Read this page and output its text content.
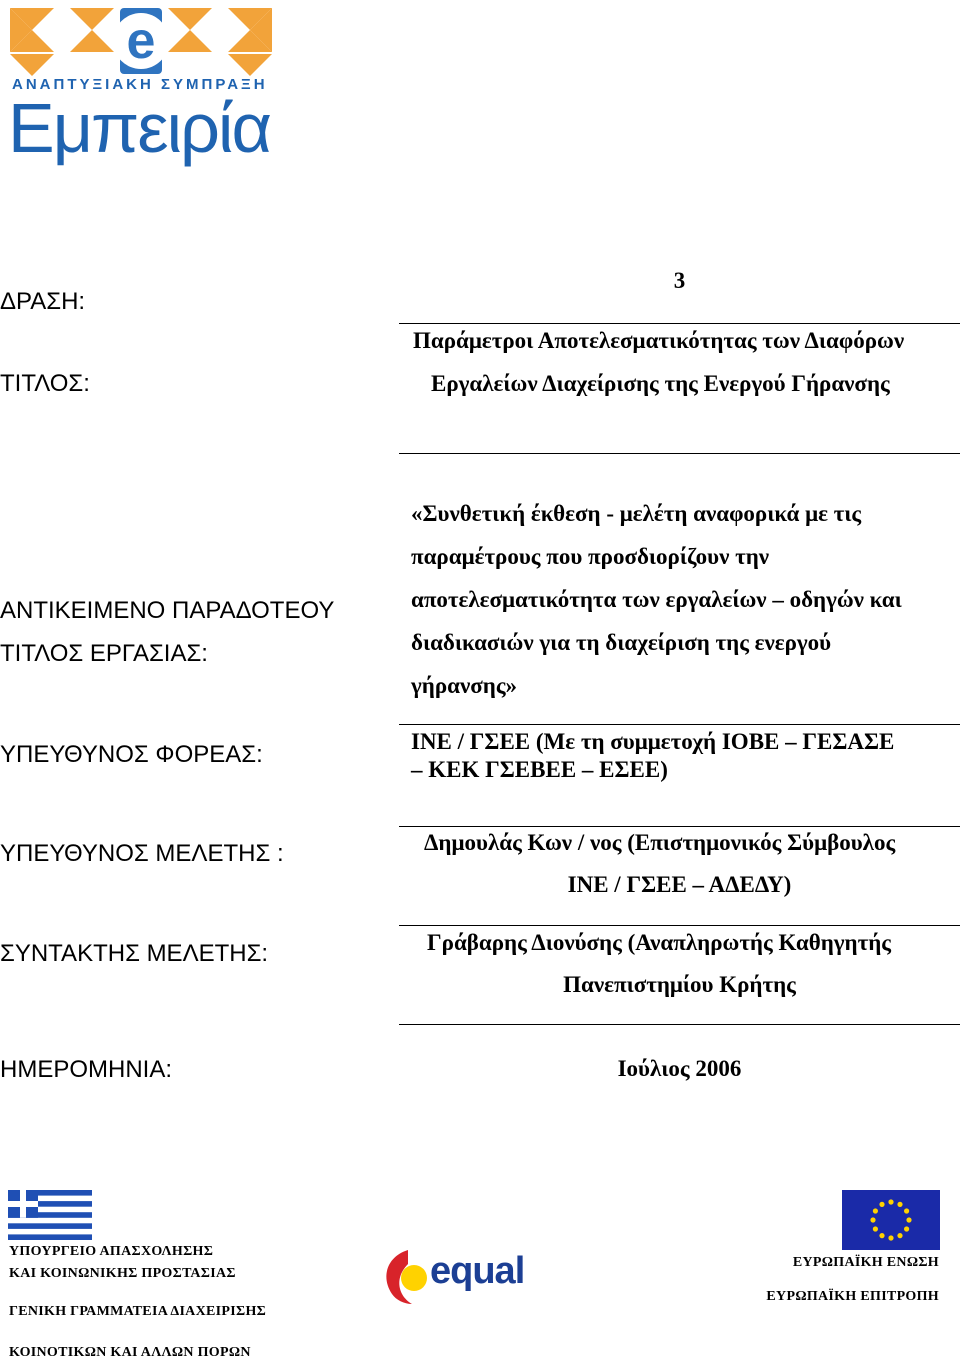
e
ΑΝΑΠΤΥΞΙΑΚΗ ΣΥΜΠΡΑΞΗ
Εμπειρία
ΔΡΑΣΗ:
3
ΤΙΤΛΟΣ:
Παράμετροι Αποτελεσματικότητας των Διαφόρων
Εργαλείων Διαχείρισης της Ενεργού Γήρανσης
ΑΝΤΙΚΕΙΜΕΝΟ ΠΑΡΑΔΟΤΕΟΥ
ΤΙΤΛΟΣ ΕΡΓΑΣΙΑΣ:
«Συνθετική έκθεση - μελέτη αναφορικά με τις
παραμέτρους που προσδιορίζουν την
αποτελεσματικότητα των εργαλείων – οδηγών και
διαδικασιών για τη διαχείριση της ενεργού
γήρανσης»
ΥΠΕΥΘΥΝΟΣ ΦΟΡΕΑΣ:	ΙΝΕ / ΓΣΕΕ (Με τη συμμετοχή ΙΟΒΕ – ΓΕΣΑΣΕ
– ΚΕΚ ΓΣΕΒΕΕ – ΕΣΕΕ)
ΥΠΕΥΘΥΝΟΣ ΜΕΛΕΤΗΣ :	Δημουλάς Κων / νος (Επιστημονικός Σύμβουλος
ΙΝΕ / ΓΣΕΕ – ΑΔΕΔΥ)
ΣΥΝΤΑΚΤΗΣ ΜΕΛΕΤΗΣ:	Γράβαρης Διονύσης (Αναπληρωτής Καθηγητής
Πανεπιστημίου Κρήτης
ΗΜΕΡΟΜΗΝΙΑ:	Ιούλιος 2006
ΥΠΟΥΡΓΕΙΟ ΑΠΑΣΧΟΛΗΣΗΣ
ΚΑΙ ΚΟΙΝΩΝΙΚΗΣ ΠΡΟΣΤΑΣΙΑΣ
ΓΕΝΙΚΗ ΓΡΑΜΜΑΤΕΙΑ ΔΙΑΧΕΙΡΙΣΗΣ
ΚΟΙΝΟΤΙΚΩΝ ΚΑΙ ΑΛΛΩΝ ΠΟΡΩΝ
equal	ΕΥΡΩΠΑΪΚΗ ΕΝΩΣΗ
ΕΥΡΩΠΑΪΚΗ ΕΠΙΤΡΟΠΗ
